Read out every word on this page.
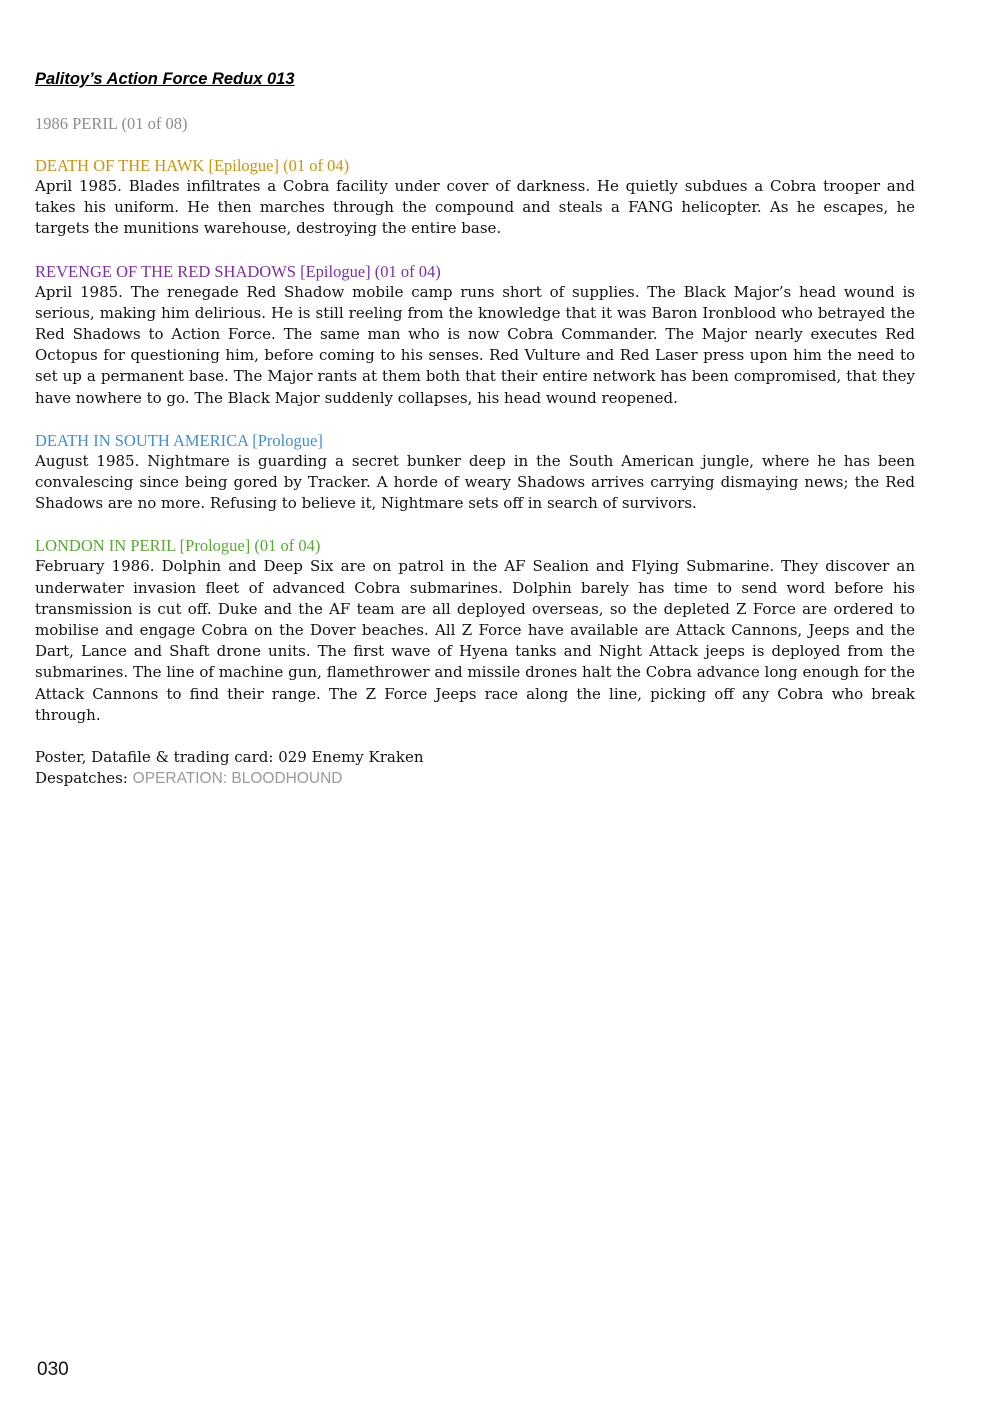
Palitoy’s Action Force Redux 013
1986 PERIL (01 of 08)
DEATH OF THE HAWK [Epilogue] (01 of 04)
April 1985. Blades infiltrates a Cobra facility under cover of darkness. He quietly subdues a Cobra trooper and takes his uniform. He then marches through the compound and steals a FANG helicopter. As he escapes, he targets the munitions warehouse, destroying the entire base.
REVENGE OF THE RED SHADOWS [Epilogue] (01 of 04)
April 1985. The renegade Red Shadow mobile camp runs short of supplies. The Black Major’s head wound is serious, making him delirious. He is still reeling from the knowledge that it was Baron Ironblood who betrayed the Red Shadows to Action Force. The same man who is now Cobra Commander. The Major nearly executes Red Octopus for questioning him, before coming to his senses. Red Vulture and Red Laser press upon him the need to set up a permanent base. The Major rants at them both that their entire network has been compromised, that they have nowhere to go. The Black Major suddenly collapses, his head wound reopened.
DEATH IN SOUTH AMERICA [Prologue]
August 1985. Nightmare is guarding a secret bunker deep in the South American jungle, where he has been convalescing since being gored by Tracker. A horde of weary Shadows arrives carrying dismaying news; the Red Shadows are no more. Refusing to believe it, Nightmare sets off in search of survivors.
LONDON IN PERIL [Prologue] (01 of 04)
February 1986. Dolphin and Deep Six are on patrol in the AF Sealion and Flying Submarine. They discover an underwater invasion fleet of advanced Cobra submarines. Dolphin barely has time to send word before his transmission is cut off. Duke and the AF team are all deployed overseas, so the depleted Z Force are ordered to mobilise and engage Cobra on the Dover beaches. All Z Force have available are Attack Cannons, Jeeps and the Dart, Lance and Shaft drone units. The first wave of Hyena tanks and Night Attack jeeps is deployed from the submarines. The line of machine gun, flamethrower and missile drones halt the Cobra advance long enough for the Attack Cannons to find their range. The Z Force Jeeps race along the line, picking off any Cobra who break through.
Poster, Datafile & trading card: 029 Enemy Kraken
Despatches: OPERATION: BLOODHOUND
030
